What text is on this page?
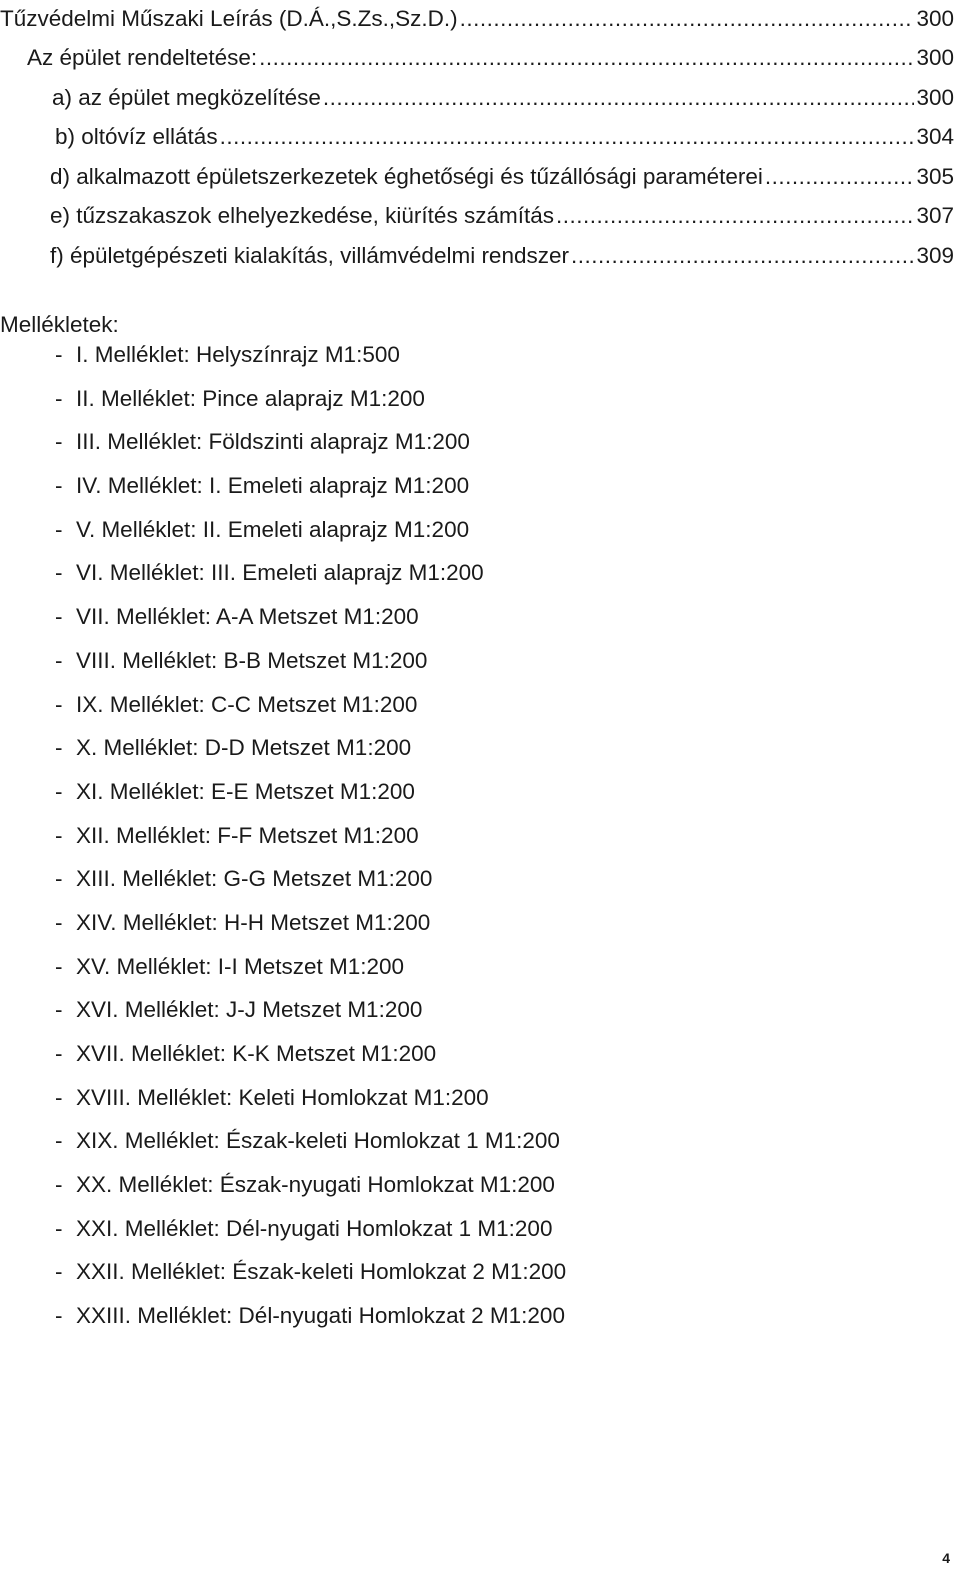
Tűzvédelmi Műszaki Leírás (D.Á.,S.Zs.,Sz.D.) .....	300
Az épület rendeltetése: .....	300
a) az épület megközelítése .....	300
b) oltóvíz ellátás .....	304
d) alkalmazott épületszerkezetek éghetőségi és tűzállósági paraméterei .....	305
e) tűzszakaszok elhelyezkedése, kiürítés számítás .....	307
f) épületgépészeti kialakítás, villámvédelmi rendszer .....	309
Mellékletek:
- I. Melléklet: Helyszínrajz M1:500
- II. Melléklet: Pince alaprajz M1:200
- III. Melléklet: Földszinti alaprajz M1:200
- IV. Melléklet: I. Emeleti alaprajz M1:200
- V. Melléklet: II. Emeleti alaprajz M1:200
- VI. Melléklet: III. Emeleti alaprajz M1:200
- VII. Melléklet: A-A Metszet M1:200
- VIII. Melléklet: B-B Metszet M1:200
- IX. Melléklet: C-C Metszet M1:200
- X. Melléklet: D-D Metszet M1:200
- XI. Melléklet: E-E Metszet M1:200
- XII. Melléklet: F-F Metszet M1:200
- XIII. Melléklet: G-G Metszet M1:200
- XIV. Melléklet: H-H Metszet M1:200
- XV. Melléklet: I-I Metszet M1:200
- XVI. Melléklet: J-J Metszet M1:200
- XVII. Melléklet: K-K Metszet M1:200
- XVIII. Melléklet: Keleti Homlokzat M1:200
- XIX. Melléklet: Észak-keleti Homlokzat 1 M1:200
- XX. Melléklet: Észak-nyugati Homlokzat M1:200
- XXI. Melléklet: Dél-nyugati Homlokzat 1 M1:200
- XXII. Melléklet: Észak-keleti Homlokzat 2 M1:200
- XXIII. Melléklet: Dél-nyugati Homlokzat 2 M1:200
4
